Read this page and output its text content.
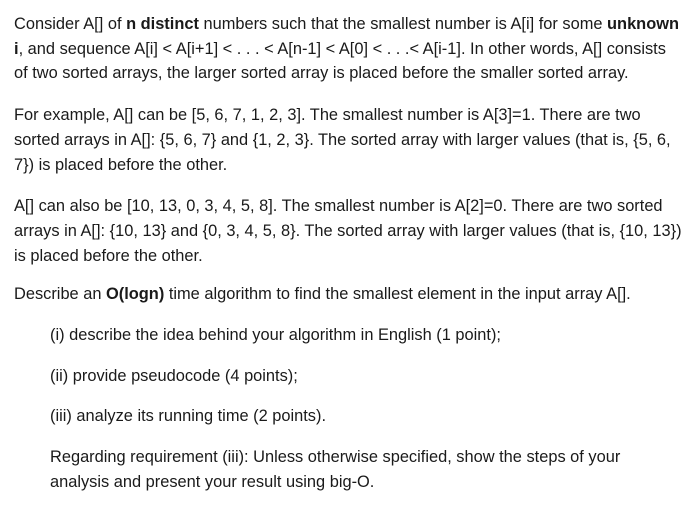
Consider A[] of n distinct numbers such that the smallest number is A[i] for some unknown i, and sequence A[i] < A[i+1] < . . . < A[n-1] < A[0] < . . .< A[i-1]. In other words, A[] consists of two sorted arrays, the larger sorted array is placed before the smaller sorted array.

For example, A[] can be [5, 6, 7, 1, 2, 3]. The smallest number is A[3]=1. There are two sorted arrays in A[]: {5, 6, 7} and {1, 2, 3}. The sorted array with larger values (that is, {5, 6, 7}) is placed before the other.

A[] can also be [10, 13, 0, 3, 4, 5, 8]. The smallest number is A[2]=0. There are two sorted arrays in A[]: {10, 13} and {0, 3, 4, 5, 8}. The sorted array with larger values (that is, {10, 13}) is placed before the other.

Describe an O(logn) time algorithm to find the smallest element in the input array A[].

(i) describe the idea behind your algorithm in English (1 point);

(ii) provide pseudocode (4 points);

(iii) analyze its running time (2 points).

Regarding requirement (iii): Unless otherwise specified, show the steps of your analysis and present your result using big-O.
